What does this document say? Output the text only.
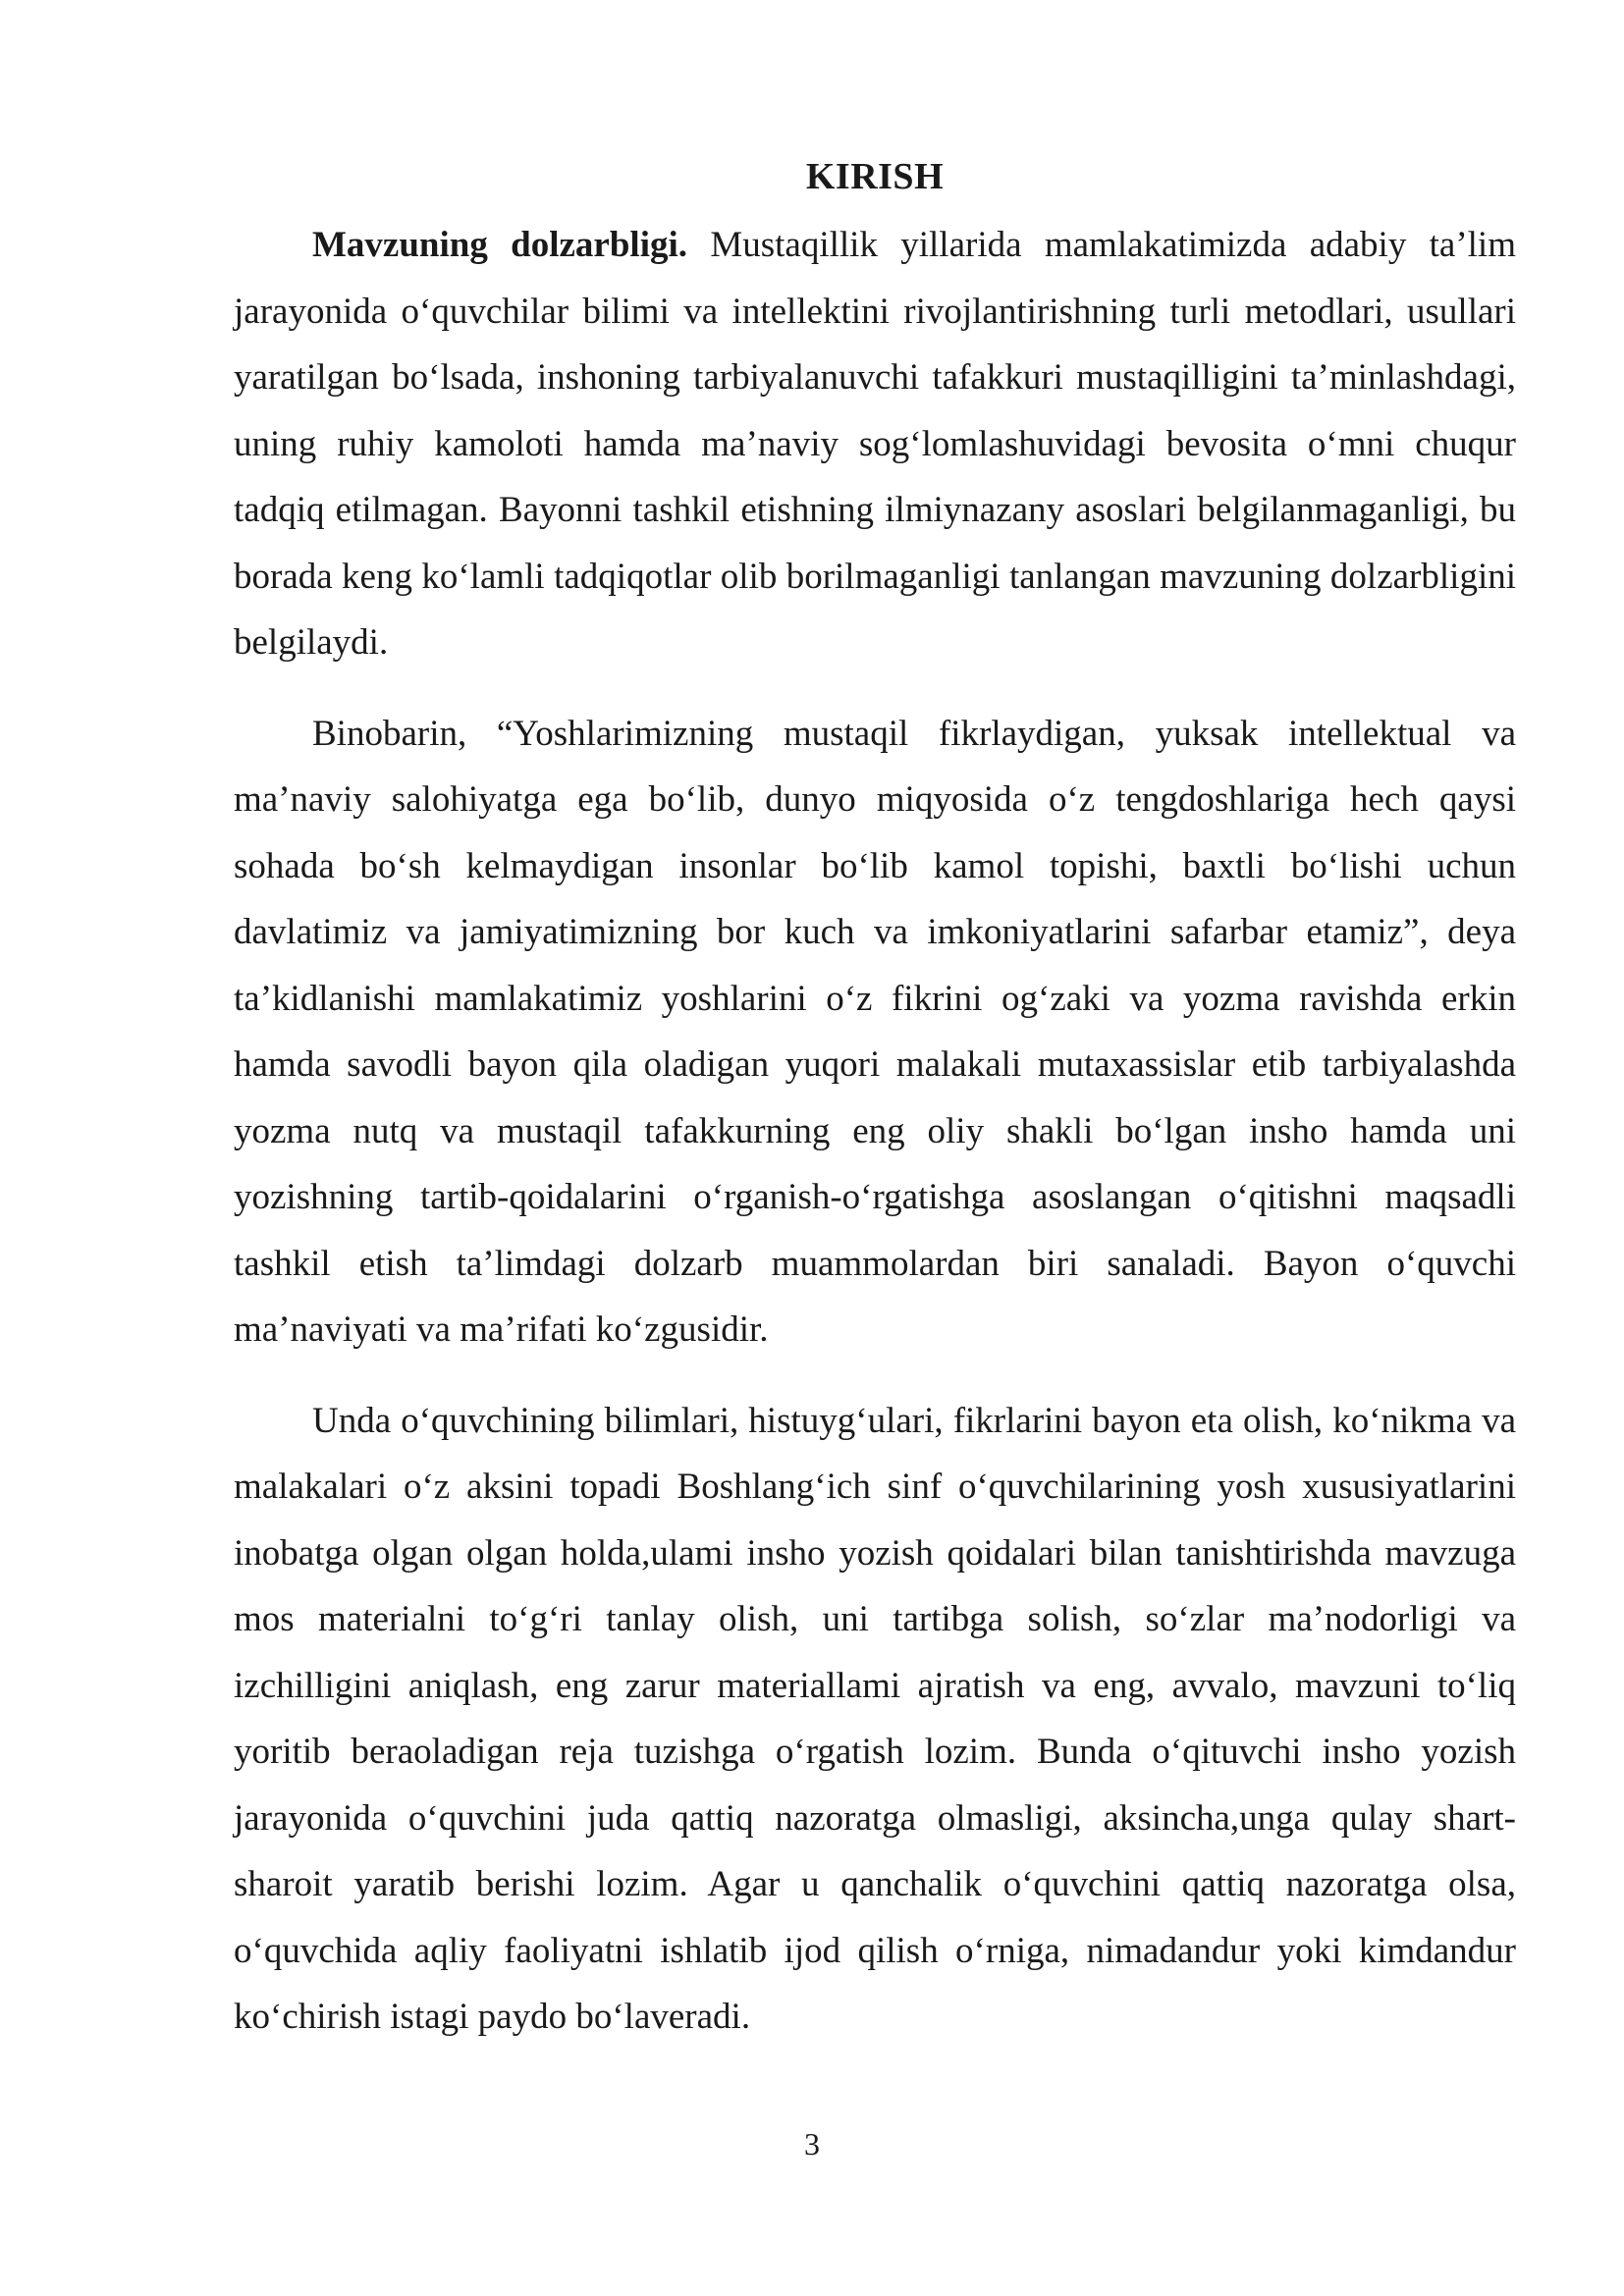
KIRISH

Mavzuning dolzarbligi. Mustaqillik yillarida mamlakatimizda adabiy ta’lim jarayonida o‘quvchilar bilimi va intellektini rivojlantirishning turli metodlari, usullari yaratilgan bo‘lsada, inshoning tarbiyalanuvchi tafakkuri mustaqilligini ta’minlashdagi, uning ruhiy kamoloti hamda ma’naviy sog‘lomlashuvidagi bevosita o‘mni chuqur tadqiq etilmagan. Bayonni tashkil etishning ilmiynazany asoslari belgilanmaganligi, bu borada keng ko‘lamli tadqiqotlar olib borilmaganligi tanlangan mavzuning dolzarbligini belgilaydi.

Binobarin, “Yoshlarimizning mustaqil fikrlaydigan, yuksak intellektual va ma’naviy salohiyatga ega bo‘lib, dunyo miqyosida o‘z tengdoshlariga hech qaysi sohada bo‘sh kelmaydigan insonlar bo‘lib kamol topishi, baxtli bo‘lishi uchun davlatimiz va jamiyatimizning bor kuch va imkoniyatlarini safarbar etamiz”, deya ta’kidlanishi mamlakatimiz yoshlarini o‘z fikrini og‘zaki va yozma ravishda erkin hamda savodli bayon qila oladigan yuqori malakali mutaxassislar etib tarbiyalashda yozma nutq va mustaqil tafakkurning eng oliy shakli bo‘lgan insho hamda uni yozishning tartib-qoidalarini o‘rganish-o‘rgatishga asoslangan o‘qitishni maqsadli tashkil etish ta’limdagi dolzarb muammolardan biri sanaladi. Bayon o‘quvchi ma’naviyati va ma’rifati ko‘zgusidir.

Unda o‘quvchining bilimlari, histuyg‘ulari, fikrlarini bayon eta olish, ko‘nikma va malakalari o‘z aksini topadi Boshlang‘ich sinf o‘quvchilarining yosh xususiyatlarini inobatga olgan olgan holda,ulami insho yozish qoidalari bilan tanishtirishda mavzuga mos materialni to‘g‘ri tanlay olish, uni tartibga solish, so‘zlar ma’nodorligi va izchilligini aniqlash, eng zarur materiallami ajratish va eng, avvalo, mavzuni to‘liq yoritib beraoladigan reja tuzishga o‘rgatish lozim. Bunda o‘qituvchi insho yozish jarayonida o‘quvchini juda qattiq nazoratga olmasligi, aksincha,unga qulay shart-sharoit yaratib berishi lozim. Agar u qanchalik o‘quvchini qattiq nazoratga olsa, o‘quvchida aqliy faoliyatni ishlatib ijod qilish o‘rniga, nimadandur yoki kimdandur ko‘chirish istagi paydo bo‘laveradi.

3
